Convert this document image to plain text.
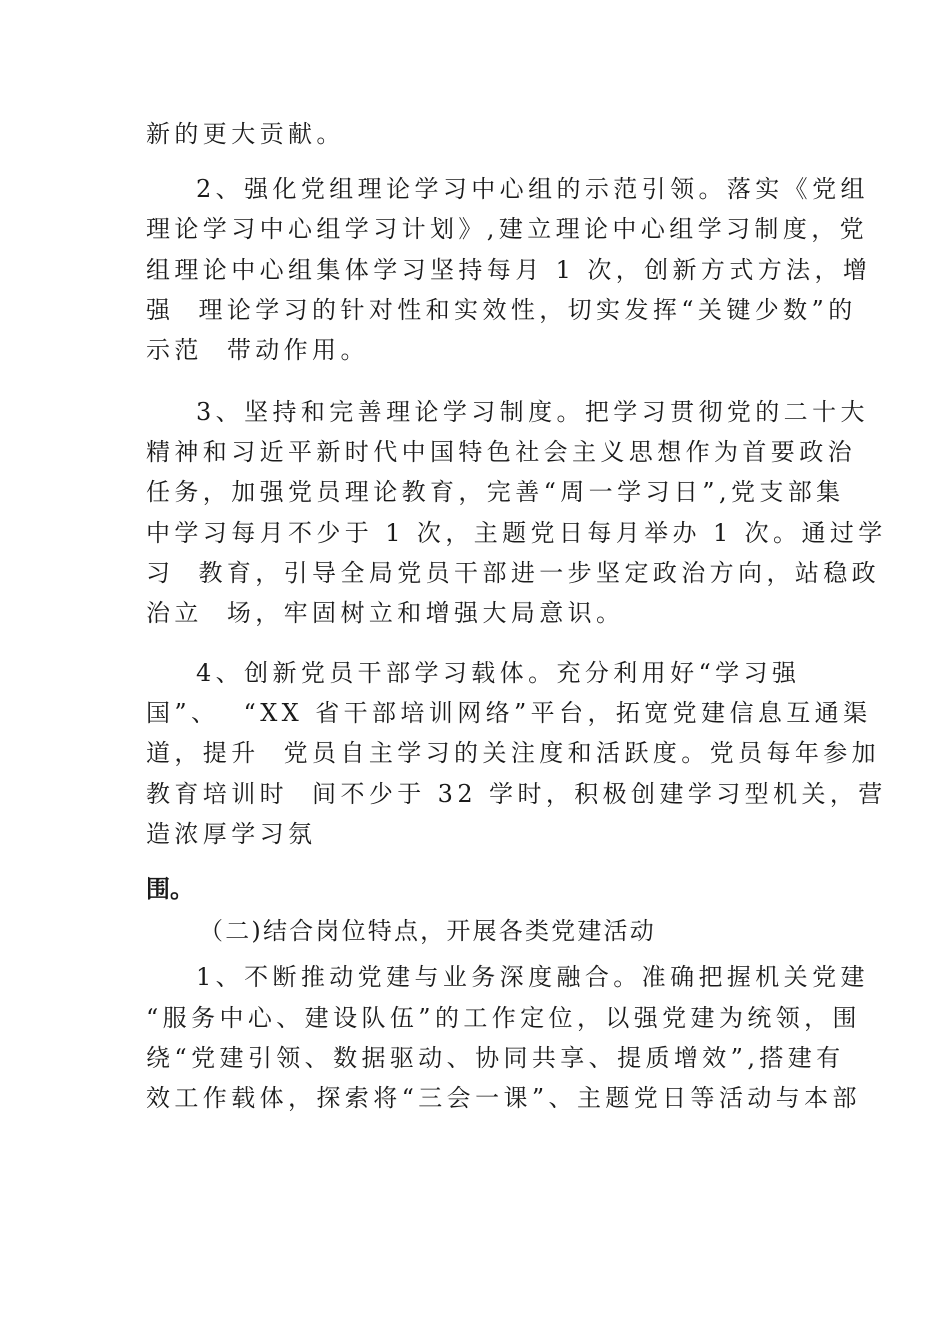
新的更大贡献。
2、强化党组理论学习中心组的示范引领。落实《党组
理论学习中心组学习计划》,建立理论中心组学习制度，党
组理论中心组集体学习坚持每月 1 次，创新方式方法，增
强  理论学习的针对性和实效性，切实发挥“关键少数”的
示范  带动作用。
3、坚持和完善理论学习制度。把学习贯彻党的二十大
精神和习近平新时代中国特色社会主义思想作为首要政治
任务，加强党员理论教育，完善“周一学习日”,党支部集
中学习每月不少于 1 次，主题党日每月举办 1 次。通过学
习  教育，引导全局党员干部进一步坚定政治方向，站稳政
治立  场，牢固树立和增强大局意识。
4、创新党员干部学习载体。充分利用好“学习强
国”、  “XX 省干部培训网络”平台，拓宽党建信息互通渠
道，提升  党员自主学习的关注度和活跃度。党员每年参加
教育培训时  间不少于 32 学时，积极创建学习型机关，营
造浓厚学习氛
围。
（二)结合岗位特点，开展各类党建活动
1、不断推动党建与业务深度融合。准确把握机关党建
“服务中心、建设队伍”的工作定位，以强党建为统领，围
绕“党建引领、数据驱动、协同共享、提质增效”,搭建有
效工作载体，探索将“三会一课”、主题党日等活动与本部
